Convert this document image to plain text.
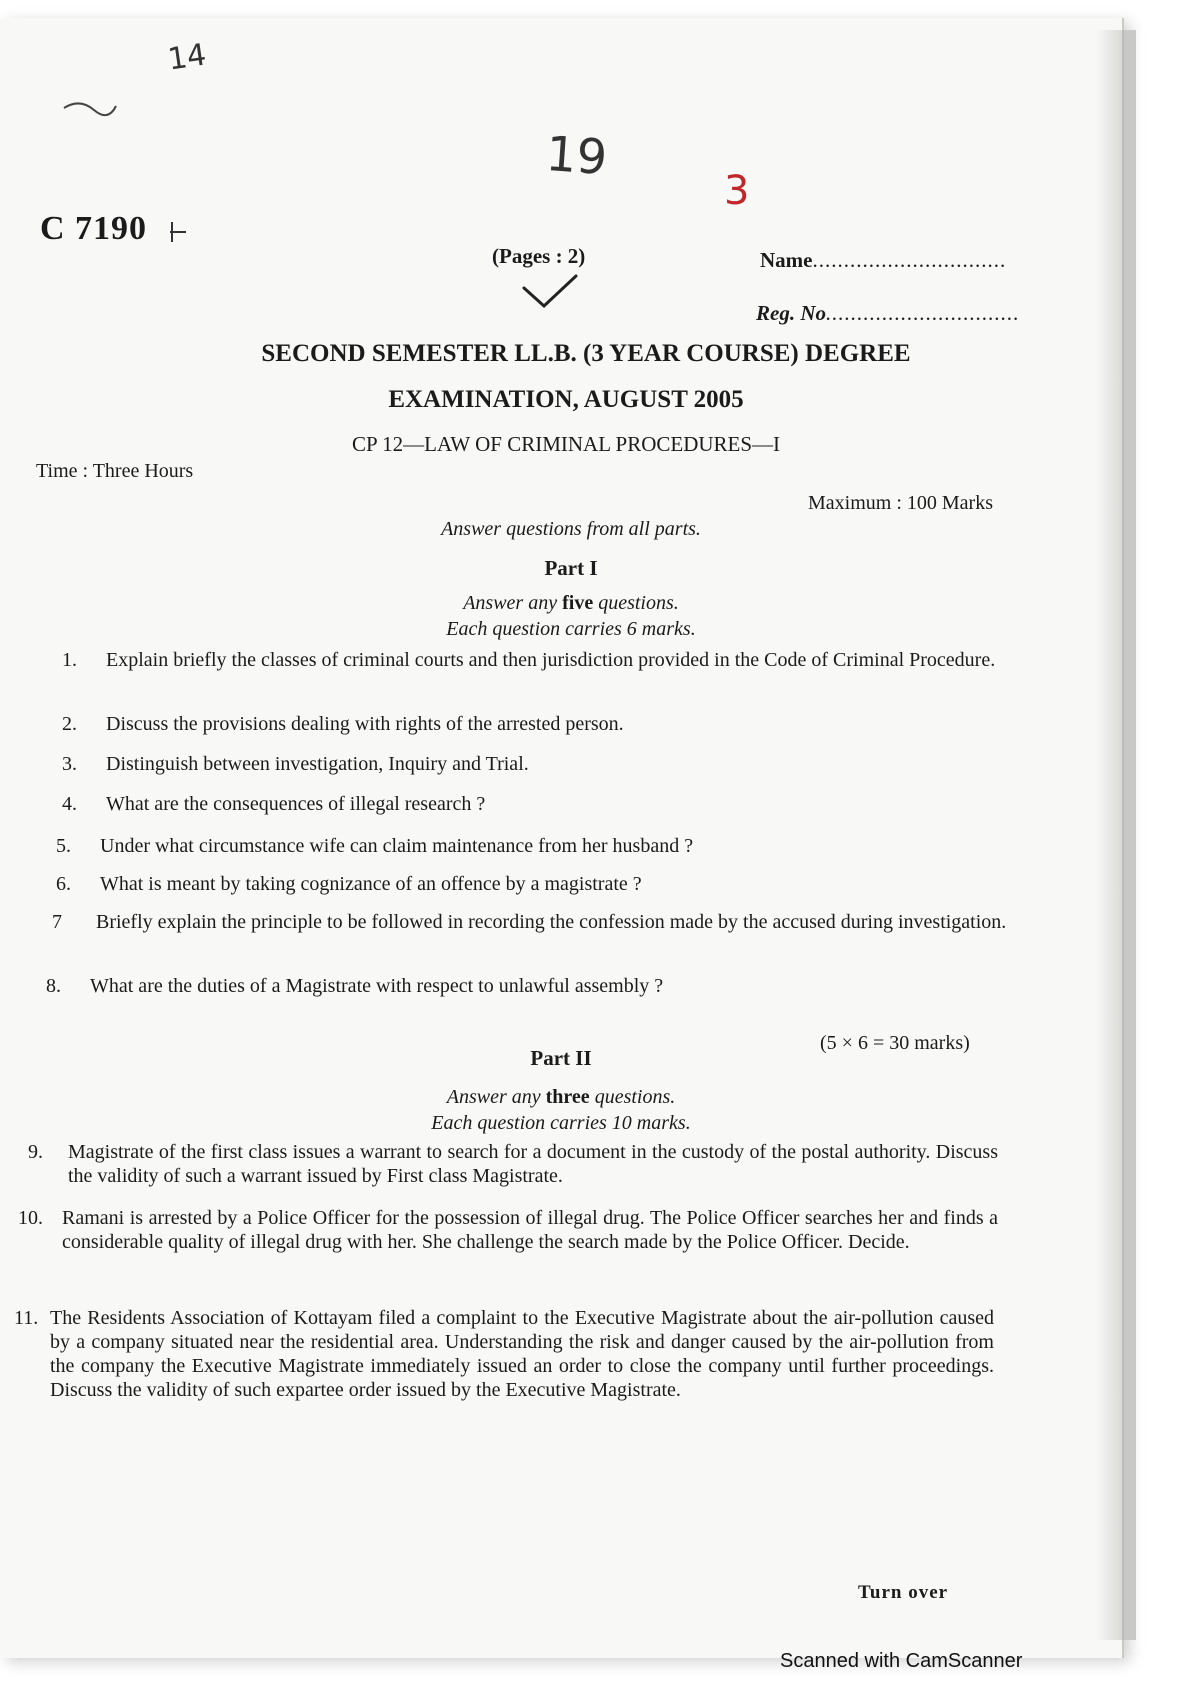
14
19
3
C 7190
(Pages : 2)	Name...............................
Reg. No...............................
SECOND SEMESTER LL.B. (3 YEAR COURSE) DEGREE
EXAMINATION, AUGUST 2005
CP 12—LAW OF CRIMINAL PROCEDURES—I
Time : Three Hours
Maximum : 100 Marks
Answer questions from all parts.
Part I
Answer any five questions.
Each question carries 6 marks.
1.	Explain briefly the classes of criminal courts and then jurisdiction provided in the Code of Criminal Procedure.
2.	Discuss the provisions dealing with rights of the arrested person.
3.	Distinguish between investigation, Inquiry and Trial.
4.	What are the consequences of illegal research ?
5.	Under what circumstance wife can claim maintenance from her husband ?
6.	What is meant by taking cognizance of an offence by a magistrate ?
7	Briefly explain the principle to be followed in recording the confession made by the accused during investigation.
8.	What are the duties of a Magistrate with respect to unlawful assembly ?
(5 × 6 = 30 marks)
Part II
Answer any three questions.
Each question carries 10 marks.
9.	Magistrate of the first class issues a warrant to search for a document in the custody of the postal authority. Discuss the validity of such a warrant issued by First class Magistrate.
10. Ramani is arrested by a Police Officer for the possession of illegal drug. The Police Officer searches her and finds a considerable quality of illegal drug with her. She challenge the search made by the Police Officer. Decide.
11. The Residents Association of Kottayam filed a complaint to the Executive Magistrate about the air-pollution caused by a company situated near the residential area. Understanding the risk and danger caused by the air-pollution from the company the Executive Magistrate immediately issued an order to close the company until further proceedings. Discuss the validity of such expartee order issued by the Executive Magistrate.
Turn over
Scanned with CamScanner
